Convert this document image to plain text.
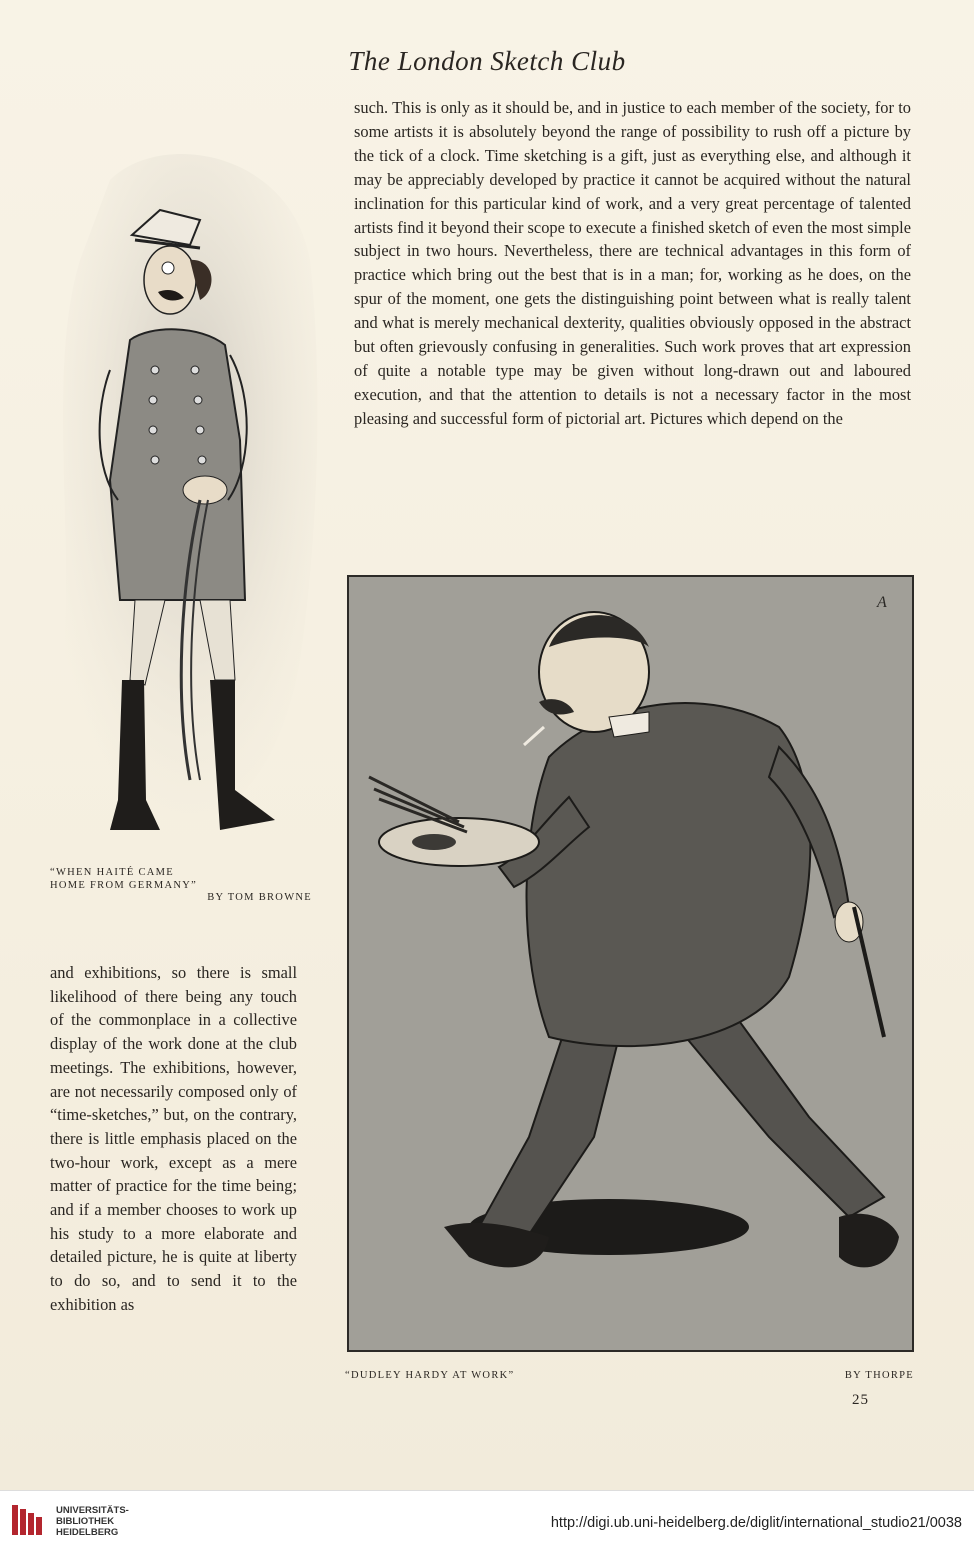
The London Sketch Club
“WHEN HAITÉ CAME
HOME FROM GERMANY”
BY TOM BROWNE

such. This is only as it should be, and in justice to each member of the society, for to some artists it is absolutely beyond the range of possibility to rush off a picture by the tick of a clock. Time sketching is a gift, just as everything else, and although it may be appreciably developed by practice it cannot be acquired without the natural inclination for this particular kind of work, and a very great percentage of talented artists find it beyond their scope to execute a finished sketch of even the most simple subject in two hours. Nevertheless, there are technical advantages in this form of practice which bring out the best that is in a man; for, working as he does, on the spur of the moment, one gets the distinguishing point between what is really talent and what is merely mechanical dexterity, qualities obviously opposed in the abstract but often grievously confusing in generalities. Such work proves that art expression of quite a notable type may be given without long-drawn out and laboured execution, and that the attention to details is not a necessary factor in the most pleasing and successful form of pictorial art. Pictures which depend on the

A

and exhibitions, so there is small likelihood of there being any touch of the commonplace in a collective display of the work done at the club meetings. The exhibitions, however, are not necessarily composed only of “time-sketches,” but, on the contrary, there is little emphasis placed on the two-hour work, except as a mere matter of practice for the time being; and if a member chooses to work up his study to a more elaborate and detailed picture, he is quite at liberty to do so, and to send it to the exhibition as

“DUDLEY HARDY AT WORK”	BY THORPE
25
UNIVERSITÄTS-
BIBLIOTHEK
HEIDELBERG
http://digi.ub.uni-heidelberg.de/diglit/international_studio21/0038
